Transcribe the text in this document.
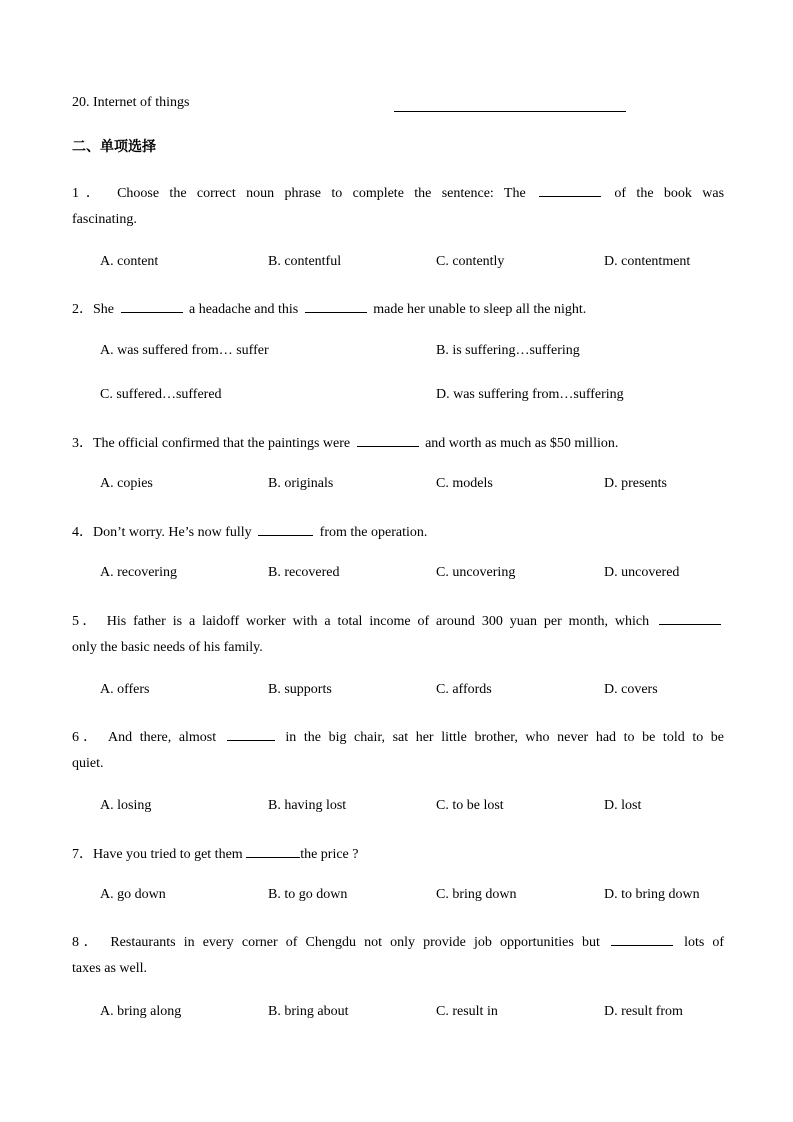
20. Internet of things
二、单项选择
1． Choose the correct noun phrase to complete the sentence: The	of the book was
fascinating.
A. content	B. contentful	C. contently	D. contentment
2．She	a headache and this	made her unable to sleep all the night.
A. was suffered from… suffer	B. is suffering…suffering
C. suffered…suffered	D. was suffering from…suffering
3．The official confirmed that the paintings were	and worth as much as $50 million.
A. copies	B. originals	C. models	D. presents
4．Don’t worry. He’s now fully	from the operation.
A. recovering	B. recovered	C. uncovering	D. uncovered
5． His father is a laidoff worker with a total income of around 300 yuan per month, which
only the basic needs of his family.
A. offers	B. supports	C. affords	D. covers
6． And there, almost	in the big chair, sat her little brother, who never had to be told to be
quiet.
A. losing	B. having lost	C. to be lost	D. lost
7．Have you tried to get them	the price ?
A. go down	B. to go down	C. bring down	D. to bring down
8． Restaurants in every corner of Chengdu not only provide job opportunities but	lots of
taxes as well.
A. bring along	B. bring about	C. result in	D. result from
